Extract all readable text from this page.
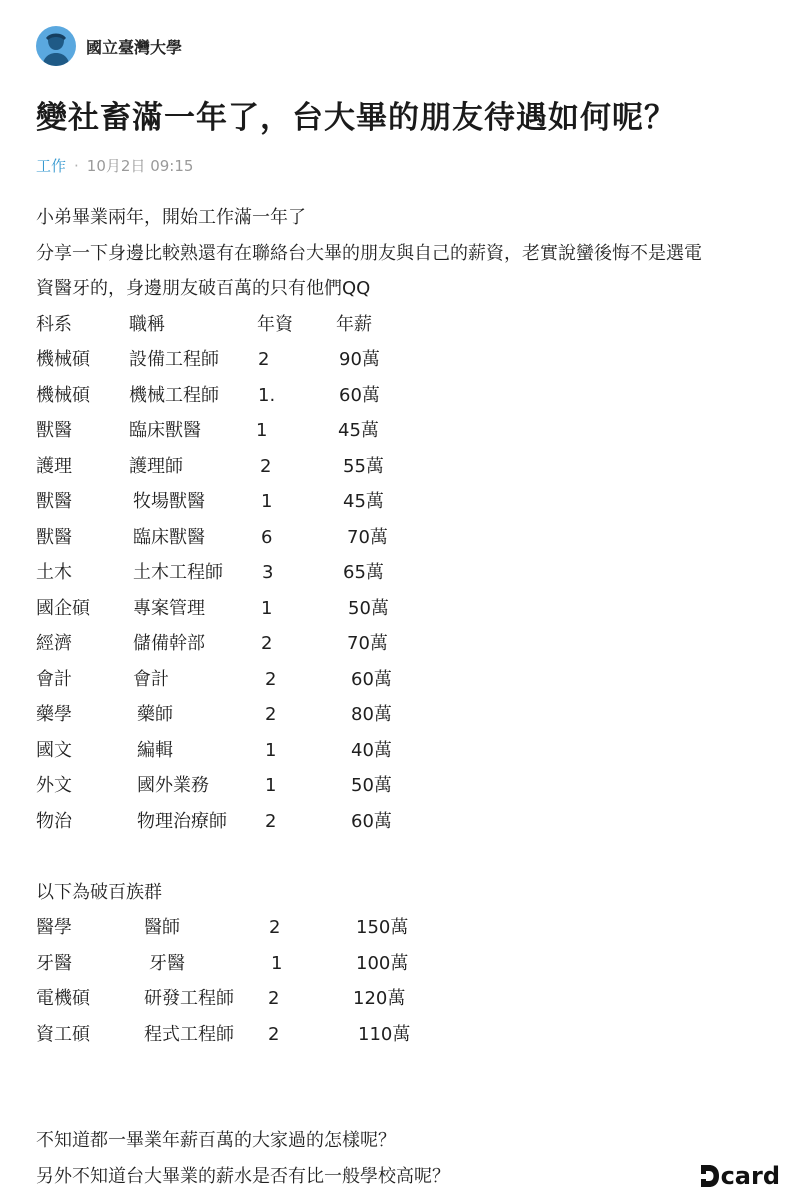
國立臺灣大學
變社畜滿一年了，台大畢的朋友待遇如何呢？
工作 · 10月2日 09:15
小弟畢業兩年，開始工作滿一年了
分享一下身邊比較熟還有在聯絡台大畢的朋友與自己的薪資，老實說蠻後悔不是選電
資醫牙的，身邊朋友破百萬的只有他們QQ
科系	職稱	年資 年薪
機械碩 設備工程師 2	90萬
機械碩 機械工程師 1.	60萬
獸醫	臨床獸醫	1	45萬
護理	護理師	2	55萬
獸醫	牧場獸醫	1	45萬
獸醫	臨床獸醫	6	70萬
土木	土木工程師 3	65萬
國企碩 專案管理	1	50萬
經濟	儲備幹部	2	70萬
會計	會計	2	60萬
藥學	藥師	2	80萬
國文	編輯	1	40萬
外文	國外業務	1	50萬
物治	物理治療師 2	60萬
以下為破百族群
醫學	醫師	2	150萬
牙醫	牙醫	1	100萬
電機碩	研發工程師 2	120萬
資工碩	程式工程師 2	110萬
不知道都一畢業年薪百萬的大家過的怎樣呢？
另外不知道台大畢業的薪水是否有比一般學校高呢？	card
